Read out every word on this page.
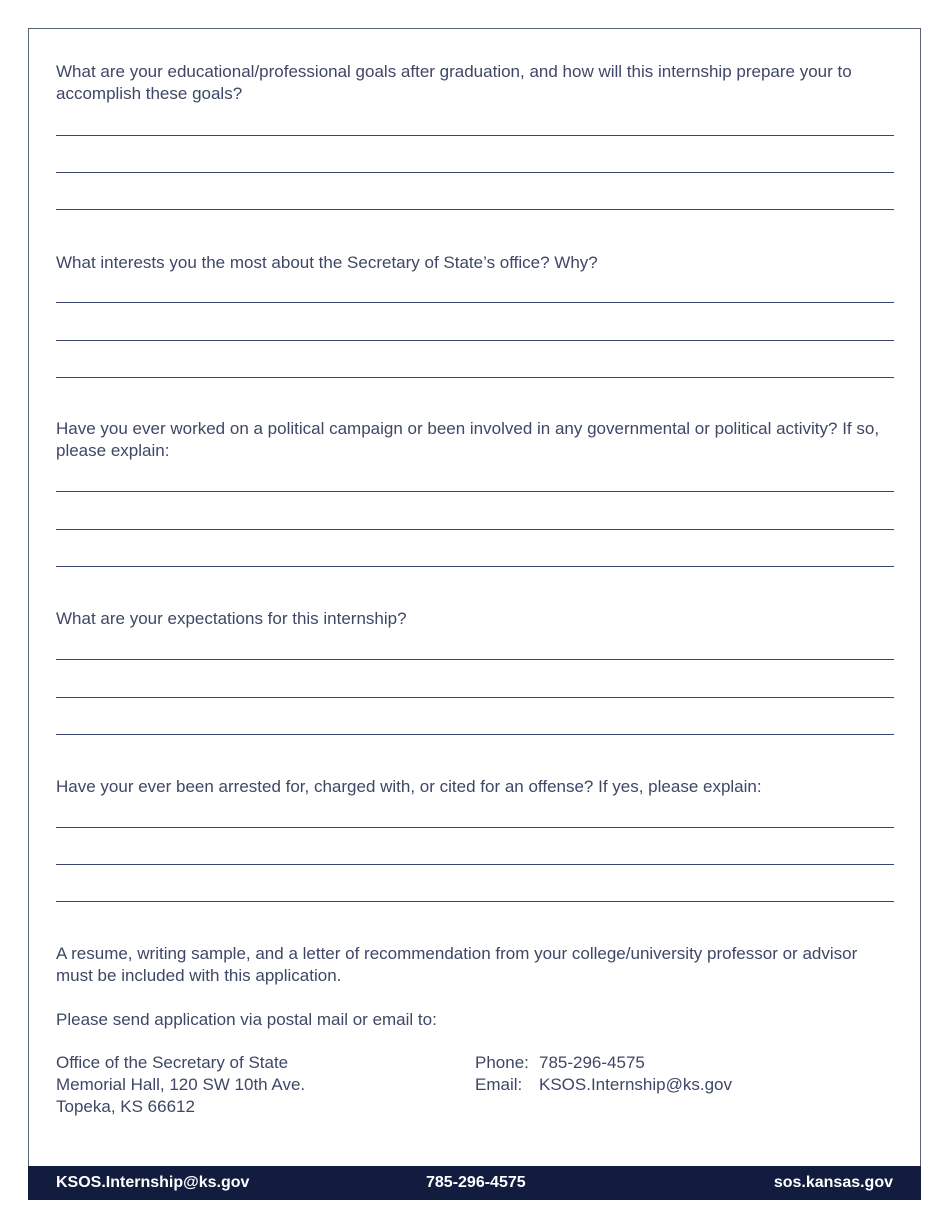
What are your educational/professional goals after graduation, and how will this internship prepare your to accomplish these goals?
What interests you the most about the Secretary of State’s office? Why?
Have you ever worked on a political campaign or been involved in any governmental or political activity? If so, please explain:
What are your expectations for this internship?
Have your ever been arrested for, charged with, or cited for an offense? If yes, please explain:
A resume, writing sample, and a letter of recommendation from your college/university professor or advisor must be included with this application.
Please send application via postal mail or email to:
Office of the Secretary of State
Memorial Hall, 120 SW 10th Ave.
Topeka, KS 66612
Phone: 785-296-4575
Email: KSOS.Internship@ks.gov
KSOS.Internship@ks.gov	785-296-4575	sos.kansas.gov
